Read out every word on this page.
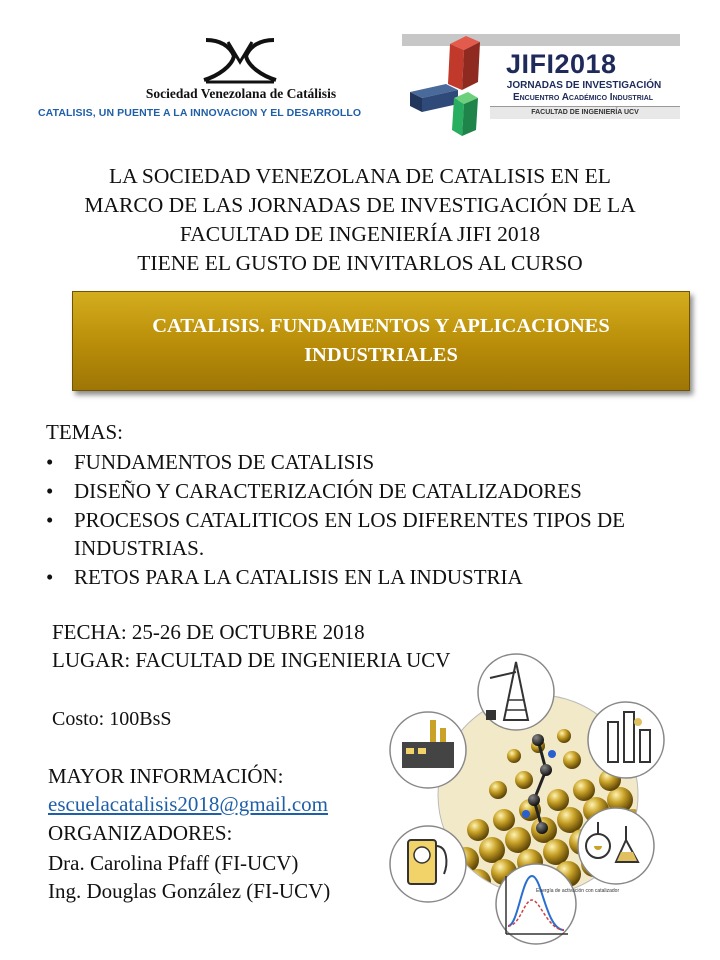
Sociedad Venezolana de Catálisis
CATALISIS, UN PUENTE A LA INNOVACION Y EL DESARROLLO
JIFI2018
JORNADAS DE INVESTIGACIÓN
Encuentro Académico Industrial
FACULTAD DE INGENIERÍA UCV
LA SOCIEDAD VENEZOLANA DE CATALISIS EN EL
MARCO DE LAS JORNADAS DE INVESTIGACIÓN DE LA
FACULTAD DE INGENIERÍA JIFI 2018
TIENE EL GUSTO DE INVITARLOS AL CURSO
CATALISIS. FUNDAMENTOS Y APLICACIONES
INDUSTRIALES
TEMAS:
• FUNDAMENTOS DE CATALISIS
• DISEÑO Y CARACTERIZACIÓN DE CATALIZADORES
• PROCESOS CATALITICOS EN LOS DIFERENTES TIPOS DE INDUSTRIAS.
• RETOS PARA LA CATALISIS EN LA INDUSTRIA
FECHA: 25-26 DE OCTUBRE 2018
LUGAR: FACULTAD DE INGENIERIA UCV
Costo: 100BsS
MAYOR INFORMACIÓN:
escuelacatalisis2018@gmail.com
ORGANIZADORES:
Dra. Carolina Pfaff (FI-UCV)
Ing. Douglas González (FI-UCV)	Energía de activación con catalizador
